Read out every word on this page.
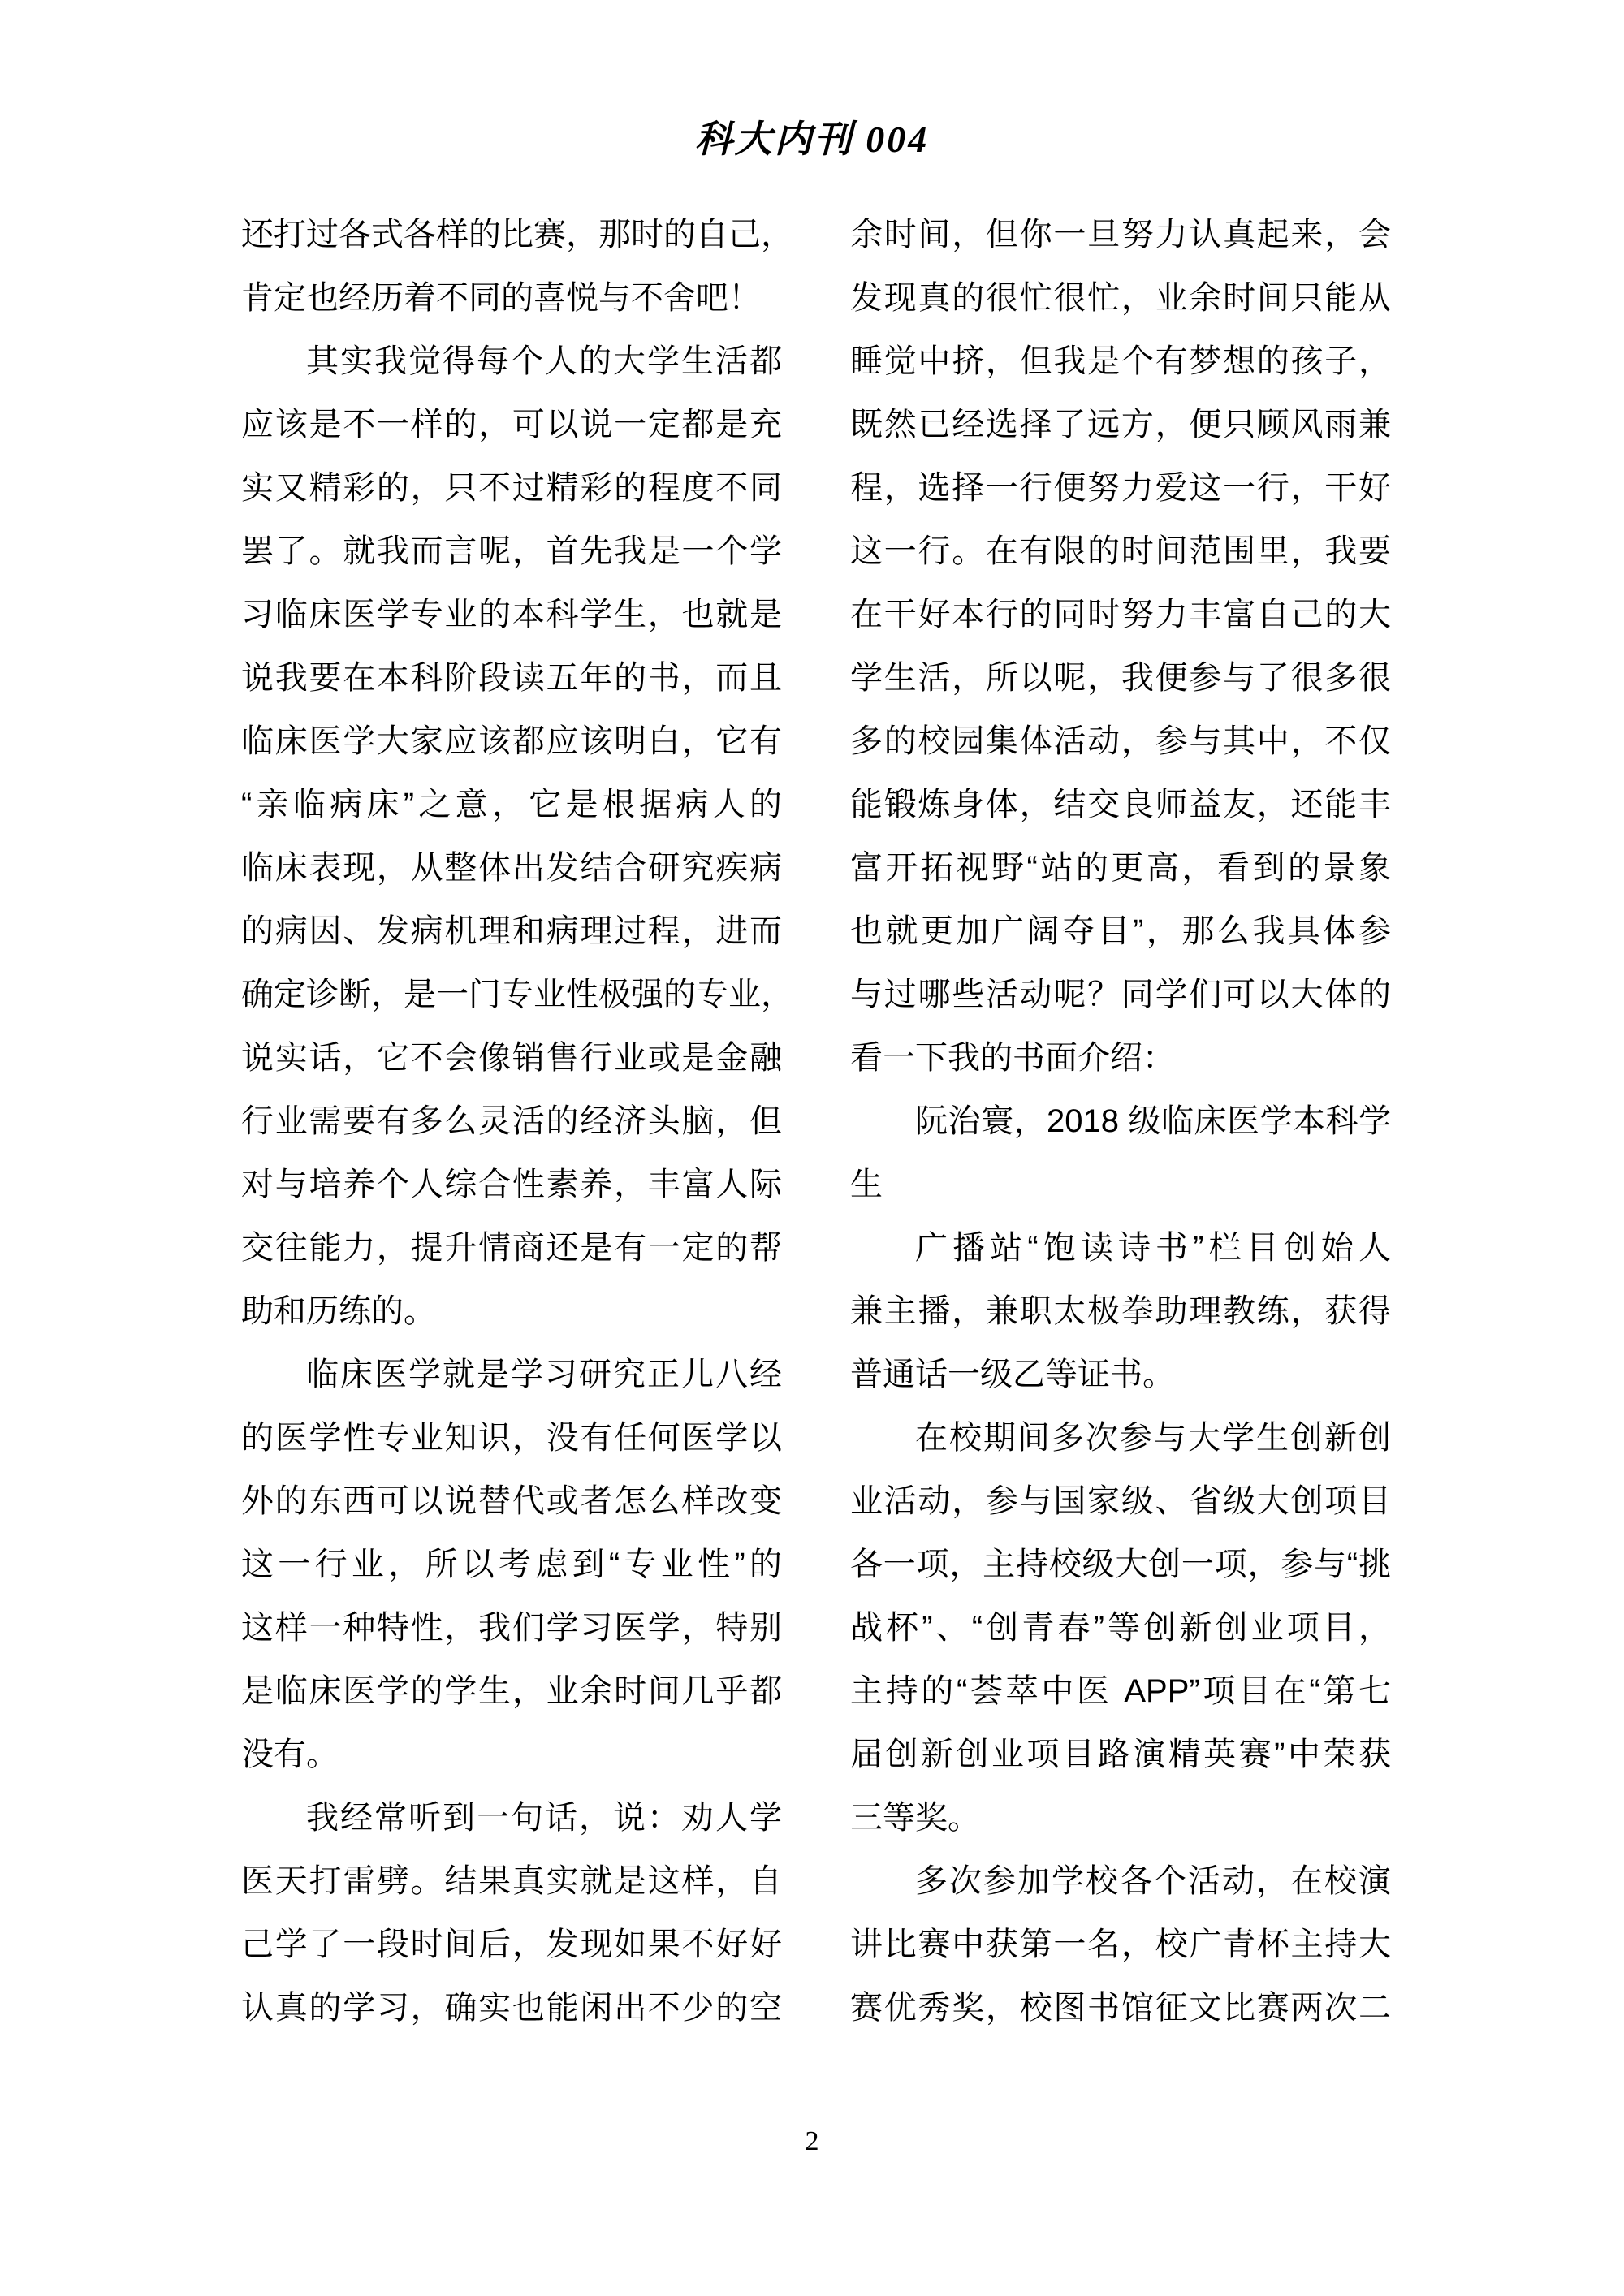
科大内刊 004
还打过各式各样的比赛，那时的自己，
肯定也经历着不同的喜悦与不舍吧！
其实我觉得每个人的大学生活都
应该是不一样的，可以说一定都是充
实又精彩的，只不过精彩的程度不同
罢了。就我而言呢，首先我是一个学
习临床医学专业的本科学生，也就是
说我要在本科阶段读五年的书，而且
临床医学大家应该都应该明白，它有
“亲临病床”之意，它是根据病人的
临床表现，从整体出发结合研究疾病
的病因、发病机理和病理过程，进而
确定诊断，是一门专业性极强的专业，
说实话，它不会像销售行业或是金融
行业需要有多么灵活的经济头脑，但
对与培养个人综合性素养，丰富人际
交往能力，提升情商还是有一定的帮
助和历练的。
临床医学就是学习研究正儿八经
的医学性专业知识，没有任何医学以
外的东西可以说替代或者怎么样改变
这一行业，所以考虑到“专业性”的
这样一种特性，我们学习医学，特别
是临床医学的学生，业余时间几乎都
没有。
我经常听到一句话，说：劝人学
医天打雷劈。结果真实就是这样，自
己学了一段时间后，发现如果不好好
认真的学习，确实也能闲出不少的空
余时间，但你一旦努力认真起来，会
发现真的很忙很忙，业余时间只能从
睡觉中挤，但我是个有梦想的孩子，
既然已经选择了远方，便只顾风雨兼
程，选择一行便努力爱这一行，干好
这一行。在有限的时间范围里，我要
在干好本行的同时努力丰富自己的大
学生活，所以呢，我便参与了很多很
多的校园集体活动，参与其中，不仅
能锻炼身体，结交良师益友，还能丰
富开拓视野“站的更高，看到的景象
也就更加广阔夺目”，那么我具体参
与过哪些活动呢？同学们可以大体的
看一下我的书面介绍：
阮治寰，2018 级临床医学本科学
生
广播站“饱读诗书”栏目创始人
兼主播，兼职太极拳助理教练，获得
普通话一级乙等证书。
在校期间多次参与大学生创新创
业活动，参与国家级、省级大创项目
各一项，主持校级大创一项，参与“挑
战杯”、“创青春”等创新创业项目，
主持的“荟萃中医 APP”项目在“第七
届创新创业项目路演精英赛”中荣获
三等奖。
多次参加学校各个活动，在校演
讲比赛中获第一名，校广青杯主持大
赛优秀奖，校图书馆征文比赛两次二
2
